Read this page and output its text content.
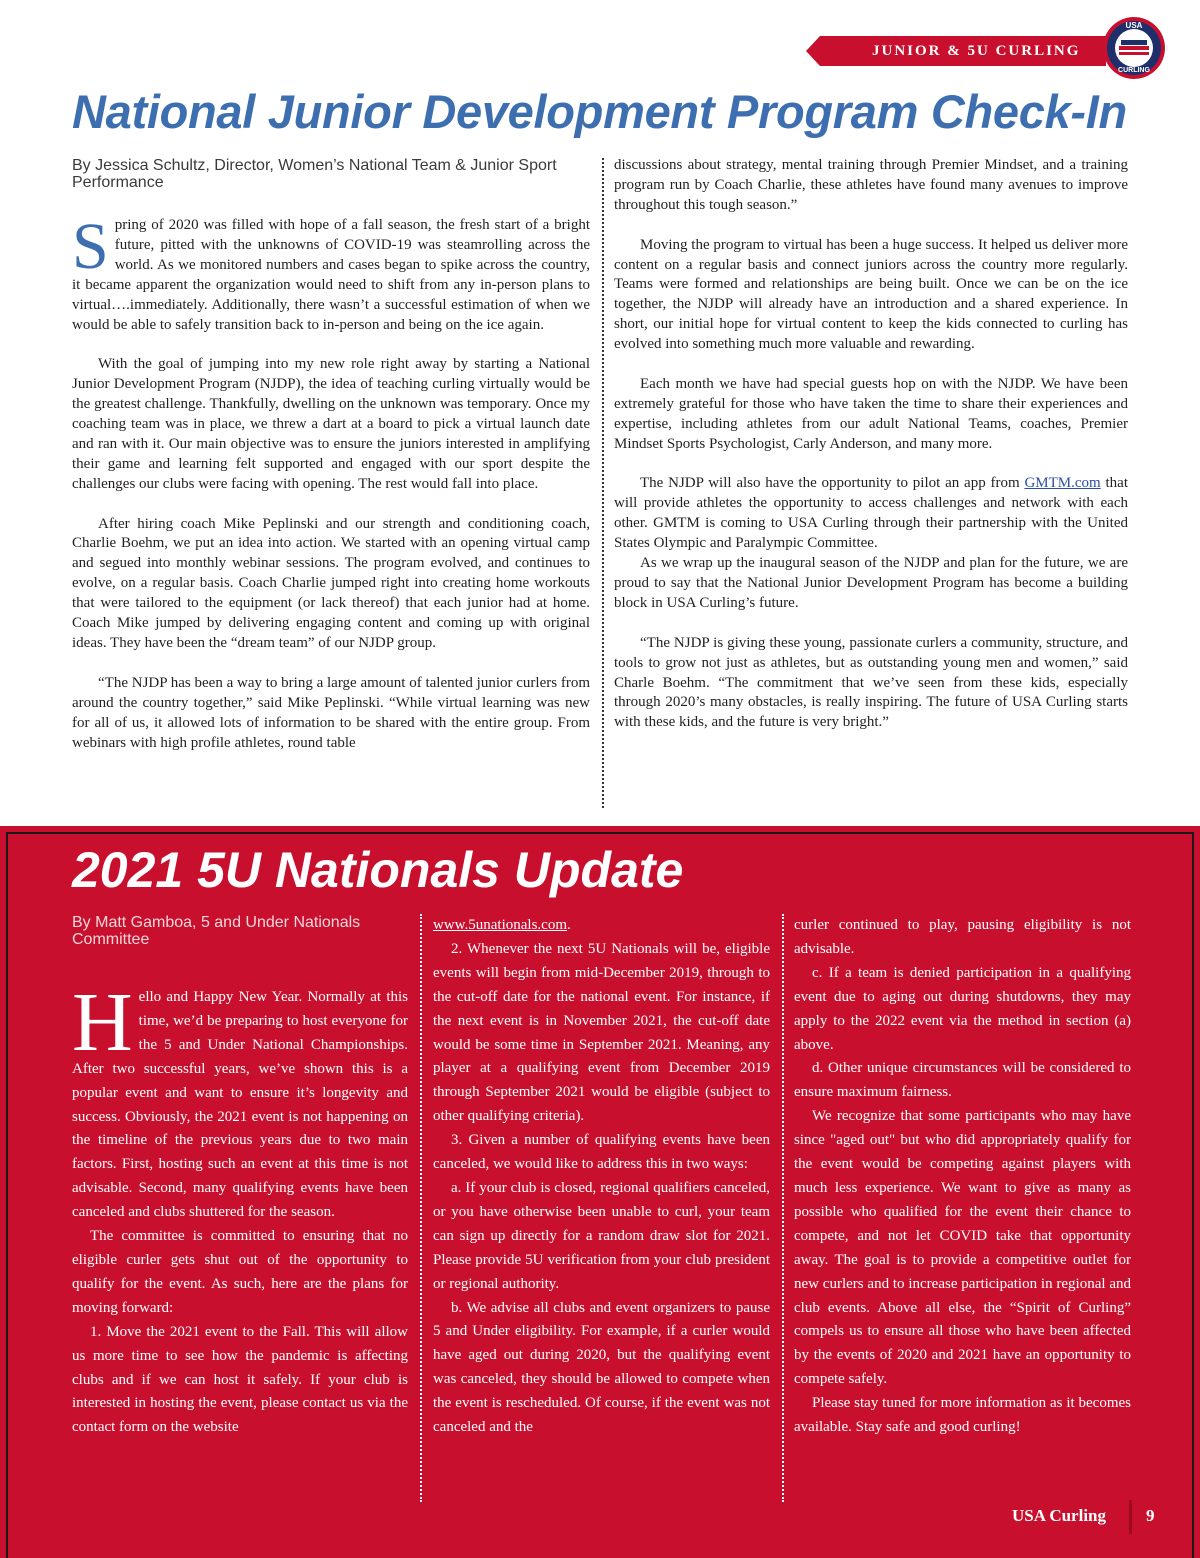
JUNIOR & 5U CURLING
USA
CURLING
National Junior Development Program Check-In
By Jessica Schultz, Director, Women’s National Team & Junior Sport Performance

Spring of 2020 was filled with hope of a fall season, the fresh start of a bright future, pitted with the unknowns of COVID-19 was steamrolling across the world. As we monitored numbers and cases began to spike across the country, it became apparent the organization would need to shift from any in-person plans to virtual….immediately. Additionally, there wasn’t a successful estimation of when we would be able to safely transition back to in-person and being on the ice again.

With the goal of jumping into my new role right away by starting a National Junior Development Program (NJDP), the idea of teaching curling virtually would be the greatest challenge. Thankfully, dwelling on the unknown was temporary. Once my coaching team was in place, we threw a dart at a board to pick a virtual launch date and ran with it. Our main objective was to ensure the juniors interested in amplifying their game and learning felt supported and engaged with our sport despite the challenges our clubs were facing with opening. The rest would fall into place.

After hiring coach Mike Peplinski and our strength and conditioning coach, Charlie Boehm, we put an idea into action. We started with an opening virtual camp and segued into monthly webinar sessions. The program evolved, and continues to evolve, on a regular basis. Coach Charlie jumped right into creating home workouts that were tailored to the equipment (or lack thereof) that each junior had at home. Coach Mike jumped by delivering engaging content and coming up with original ideas. They have been the “dream team” of our NJDP group.

“The NJDP has been a way to bring a large amount of talented junior curlers from around the country together,” said Mike Peplinski. “While virtual learning was new for all of us, it allowed lots of information to be shared with the entire group. From webinars with high profile athletes, round table

discussions about strategy, mental training through Premier Mindset, and a training program run by Coach Charlie, these athletes have found many avenues to improve throughout this tough season.”

Moving the program to virtual has been a huge success. It helped us deliver more content on a regular basis and connect juniors across the country more regularly. Teams were formed and relationships are being built. Once we can be on the ice together, the NJDP will already have an introduction and a shared experience. In short, our initial hope for virtual content to keep the kids connected to curling has evolved into something much more valuable and rewarding.

Each month we have had special guests hop on with the NJDP. We have been extremely grateful for those who have taken the time to share their experiences and expertise, including athletes from our adult National Teams, coaches, Premier Mindset Sports Psychologist, Carly Anderson, and many more.

The NJDP will also have the opportunity to pilot an app from GMTM.com that will provide athletes the opportunity to access challenges and network with each other. GMTM is coming to USA Curling through their partnership with the United States Olympic and Paralympic Committee.

As we wrap up the inaugural season of the NJDP and plan for the future, we are proud to say that the National Junior Development Program has become a building block in USA Curling’s future.

“The NJDP is giving these young, passionate curlers a community, structure, and tools to grow not just as athletes, but as outstanding young men and women,” said Charle Boehm. “The commitment that we’ve seen from these kids, especially through 2020’s many obstacles, is really inspiring. The future of USA Curling starts with these kids, and the future is very bright.”

2021 5U Nationals Update
By Matt Gamboa, 5 and Under Nationals Committee

Hello and Happy New Year. Normally at this time, we’d be preparing to host everyone for the 5 and Under National Championships. After two successful years, we’ve shown this is a popular event and want to ensure it’s longevity and success. Obviously, the 2021 event is not happening on the timeline of the previous years due to two main factors. First, hosting such an event at this time is not advisable. Second, many qualifying events have been canceled and clubs shuttered for the season.

The committee is committed to ensuring that no eligible curler gets shut out of the opportunity to qualify for the event. As such, here are the plans for moving forward:

1. Move the 2021 event to the Fall. This will allow us more time to see how the pandemic is affecting clubs and if we can host it safely. If your club is interested in hosting the event, please contact us via the contact form on the website

www.5unationals.com.

2. Whenever the next 5U Nationals will be, eligible events will begin from mid-December 2019, through to the cut-off date for the national event. For instance, if the next event is in November 2021, the cut-off date would be some time in September 2021. Meaning, any player at a qualifying event from December 2019 through September 2021 would be eligible (subject to other qualifying criteria).

3. Given a number of qualifying events have been canceled, we would like to address this in two ways:

a. If your club is closed, regional qualifiers canceled, or you have otherwise been unable to curl, your team can sign up directly for a random draw slot for 2021. Please provide 5U verification from your club president or regional authority.

b. We advise all clubs and event organizers to pause 5 and Under eligibility. For example, if a curler would have aged out during 2020, but the qualifying event was canceled, they should be allowed to compete when the event is rescheduled. Of course, if the event was not canceled and the

curler continued to play, pausing eligibility is not advisable.

c. If a team is denied participation in a qualifying event due to aging out during shutdowns, they may apply to the 2022 event via the method in section (a) above.

d. Other unique circumstances will be considered to ensure maximum fairness.

We recognize that some participants who may have since "aged out" but who did appropriately qualify for the event would be competing against players with much less experience. We want to give as many as possible who qualified for the event their chance to compete, and not let COVID take that opportunity away. The goal is to provide a competitive outlet for new curlers and to increase participation in regional and club events. Above all else, the “Spirit of Curling” compels us to ensure all those who have been affected by the events of 2020 and 2021 have an opportunity to compete safely.

Please stay tuned for more information as it becomes available. Stay safe and good curling!

USA Curling 9
